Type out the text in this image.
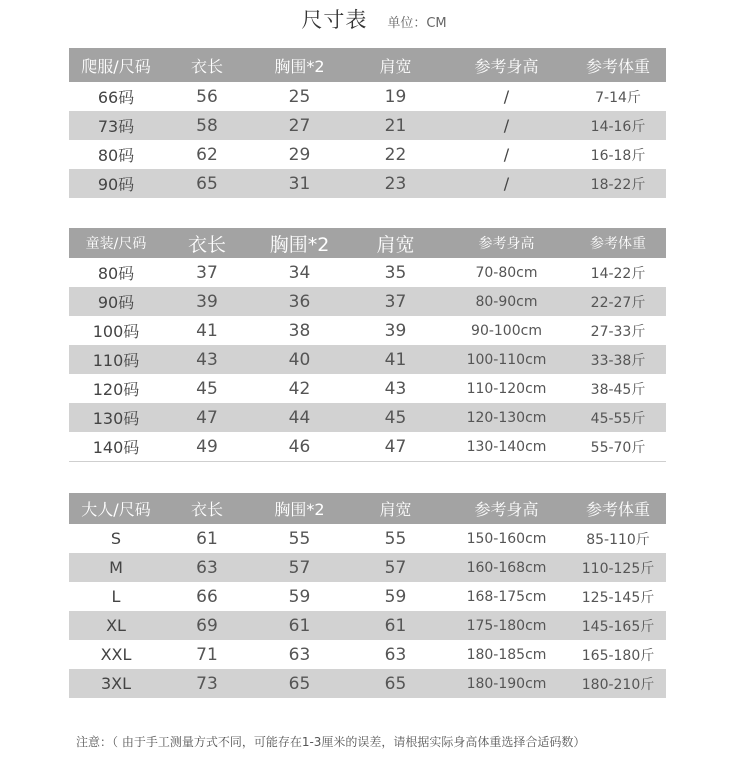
尺寸表 单位：CM
爬服/尺码	衣长	胸围*2	肩宽	参考身高	参考体重
66码	56	25	19	/	7-14斤
73码	58	27	21	/	14-16斤
80码	62	29	22	/	16-18斤
90码	65	31	23	/	18-22斤
童装/尺码	衣长	胸围*2	肩宽	参考身高	参考体重
80码	37	34	35	70-80cm	14-22斤
90码	39	36	37	80-90cm	22-27斤
100码	41	38	39	90-100cm	27-33斤
110码	43	40	41	100-110cm	33-38斤
120码	45	42	43	110-120cm	38-45斤
130码	47	44	45	120-130cm	45-55斤
140码	49	46	47	130-140cm	55-70斤
大人/尺码	衣长	胸围*2	肩宽	参考身高	参考体重
S	61	55	55	150-160cm	85-110斤
M	63	57	57	160-168cm	110-125斤
L	66	59	59	168-175cm	125-145斤
XL	69	61	61	175-180cm	145-165斤
XXL	71	63	63	180-185cm	165-180斤
3XL	73	65	65	180-190cm	180-210斤
注意：（ 由于手工测量方式不同，可能存在1-3厘米的误差，请根据实际身高体重选择合适码数）
